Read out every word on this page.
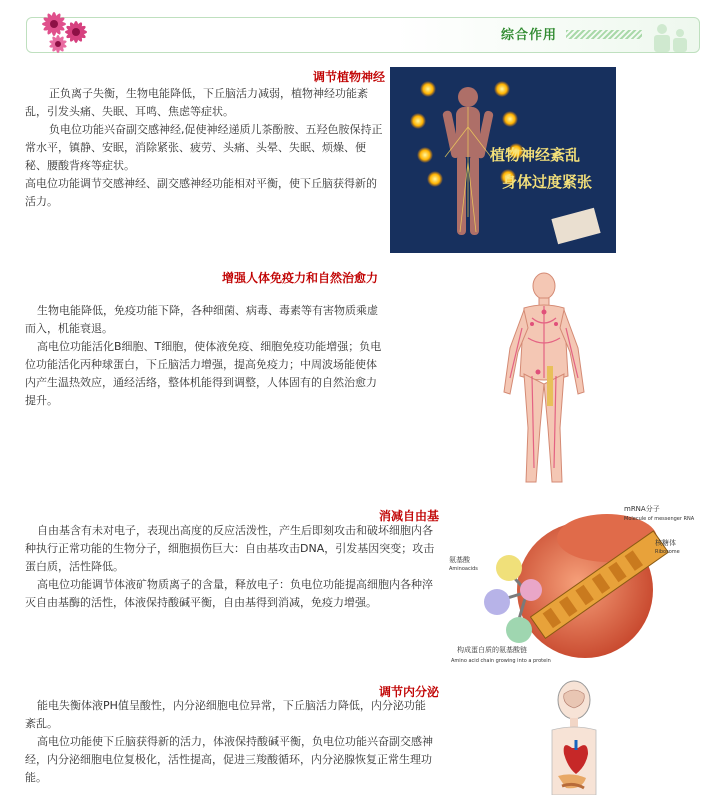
综合作用
调节植物神经

正负离子失衡，生物电能降低，下丘脑活力减弱，植物神经功能紊乱，引发头痛、失眠、耳鸣、焦虑等症状。

负电位功能兴奋副交感神经,促使神经递质儿茶酚胺、五羟色胺保持正常水平，镇静、安眠，消除紧张、疲劳、头痛、头晕、失眠、烦燥、便秘、腰酸背疼等症状。

高电位功能调节交感神经、副交感神经功能相对平衡，使下丘脑获得新的活力。

植物神经紊乱
身体过度紧张
增强人体免疫力和自然治愈力

生物电能降低，免疫功能下降，各种细菌、病毒、毒素等有害物质乘虚而入，机能衰退。

高电位功能活化B细胞、T细胞，使体液免疫、细胞免疫功能增强；负电位功能活化丙种球蛋白，下丘脑活力增强，提高免疫力；中周波场能使体内产生温热效应，通经活络，整体机能得到调整，人体固有的自然治愈力提升。

消减自由基

自由基含有未对电子，表现出高度的反应活泼性，产生后即刻攻击和破坏细胞内各种执行正常功能的生物分子，细胞损伤巨大：自由基攻击DNA，引发基因突变；攻击蛋白质，活性降低。

高电位功能调节体液矿物质离子的含量，释放电子：负电位功能提高细胞内各种淬灭自由基酶的活性，体液保持酸碱平衡，自由基得到消减，免疫力增强。

mRNA分子
Molecule of messenger RNA
核糖体
Ribosome
氨基酸
Aminoacids
构成蛋白质的氨基酸链
Amino acid chain growing into a protein
调节内分泌

能电失衡体液PH值呈酸性，内分泌细胞电位异常，下丘脑活力降低，内分泌功能紊乱。

高电位功能使下丘脑获得新的活力，体液保持酸碱平衡，负电位功能兴奋副交感神经，内分泌细胞电位复极化，活性提高，促进三羧酸循环，内分泌腺恢复正常生理功能。
